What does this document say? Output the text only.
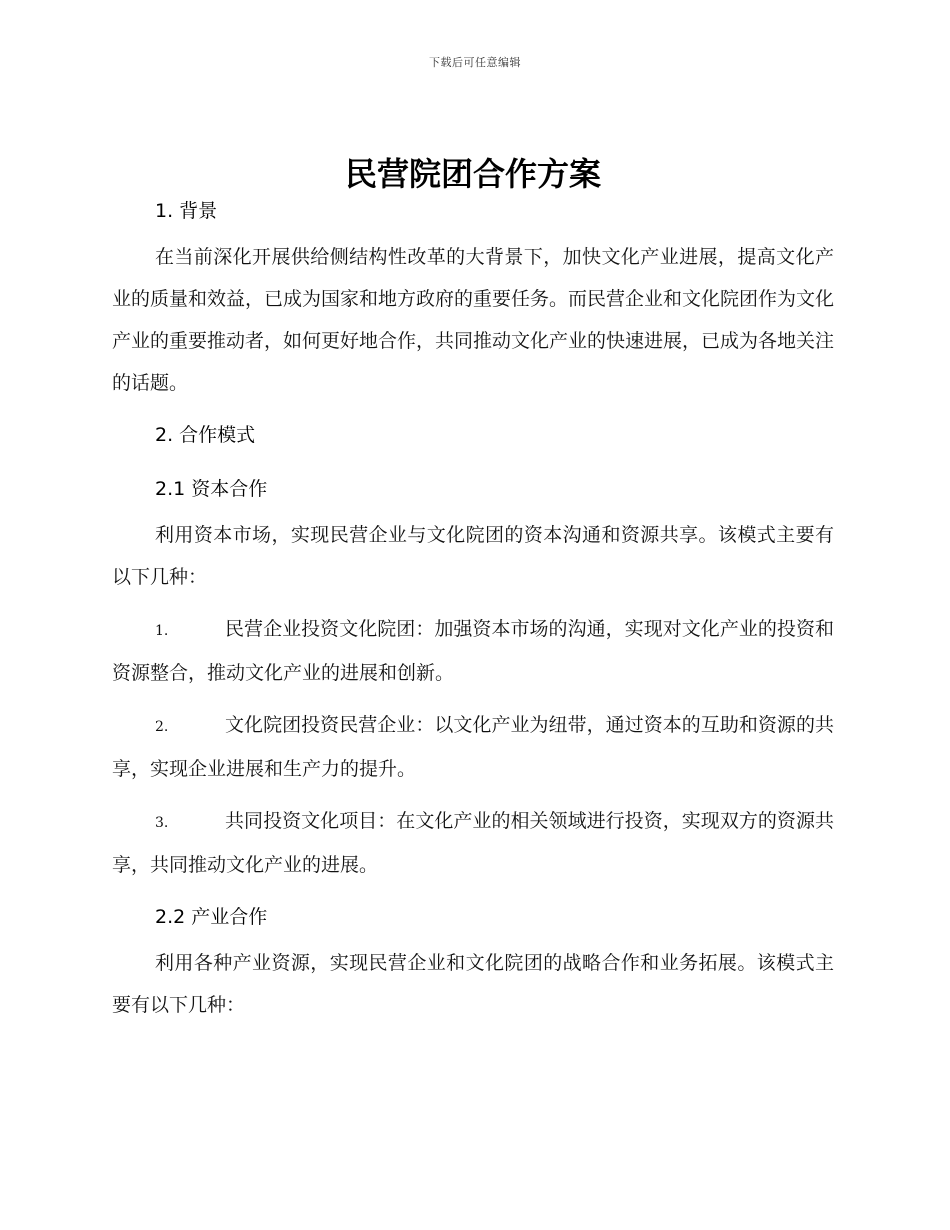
下载后可任意编辑
民营院团合作方案
1. 背景

在当前深化开展供给侧结构性改革的大背景下，加快文化产业进展，提高文化产业的质量和效益，已成为国家和地方政府的重要任务。而民营企业和文化院团作为文化产业的重要推动者，如何更好地合作，共同推动文化产业的快速进展，已成为各地关注的话题。

2. 合作模式
2.1 资本合作

利用资本市场，实现民营企业与文化院团的资本沟通和资源共享。该模式主要有以下几种：

1.	民营企业投资文化院团：加强资本市场的沟通，实现对文化产业的投资和资源整合，推动文化产业的进展和创新。

2.	文化院团投资民营企业：以文化产业为纽带，通过资本的互助和资源的共享，实现企业进展和生产力的提升。

3.	共同投资文化项目：在文化产业的相关领域进行投资，实现双方的资源共享，共同推动文化产业的进展。

2.2 产业合作

利用各种产业资源，实现民营企业和文化院团的战略合作和业务拓展。该模式主要有以下几种：
